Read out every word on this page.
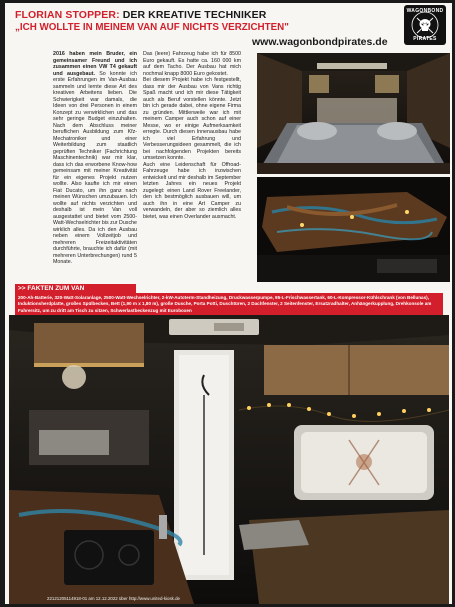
FLORIAN STOPPER: DER KREATIVE TECHNIKER
„ICH WOLLTE IN MEINEM VAN AUF NICHTS VERZICHTEN"
WAGONBOND
PIRATES
www.wagonbondpirates.de

2016 haben mein Bruder, ein gemeinsamer Freund und ich zusammen einen VW T4 gekauft und ausgebaut. So konnte ich erste Erfahrungen im Van-Ausbau sammeln und lernte diese Art des kreativen Arbeitens lieben. Die Schwierigkeit war damals, die Ideen von drei Personen in einem Konzept zu verwirklichen und das sehr geringe Budget einzuhalten. Nach dem Abschluss meiner beruflichen Ausbildung zum Kfz-Mechatroniker und einer Weiterbildung zum staatlich geprüften Techniker (Fachrichtung Maschinentechnik) war mir klar, dass ich das erworbene Know-how gemeinsam mit meiner Kreativität für ein eigenes Projekt nutzen wollte. Also kaufte ich mir einen Fiat Ducato, um ihn ganz nach meinen Wünschen umzubauen. Ich wollte auf nichts verzichten und deshalb ist mein Van voll ausgestattet und bietet vom 2500-Watt-Wechselrichter bis zur Dusche wirklich alles. Da ich den Ausbau neben einem Vollzeitjob und mehreren Freizeitaktivitäten durchführte, brauchte ich dafür (mit mehreren Unterbrechungen) rund 5 Monate.

Das (leere) Fahrzeug habe ich für 8500 Euro gekauft. Es hatte ca. 160 000 km auf dem Tacho. Der Ausbau hat mich nochmal knapp 8000 Euro gekostet.

Bei diesem Projekt habe ich festgestellt, dass mir der Ausbau von Vans richtig Spaß macht und ich mir diese Tätigkeit auch als Beruf vorstellen könnte. Jetzt bin ich gerade dabei, ohne eigene Firma zu gründen. Mittlerweile war ich mit meinem Camper auch schon auf einer Messe, wo er einige Aufmerksamkeit erregte. Durch diesen Innenausbau habe ich viel Erfahrung und Verbesserungsideen gesammelt, die ich bei nachfolgenden Projekten bereits umsetzen konnte.

Auch eine Leidenschaft für Offroad-Fahrzeuge habe ich inzwischen entwickelt und mir deshalb im September letzten Jahres ein neues Projekt zugelegt: einen Land Rover Freelander, den ich bestmöglich ausbauen will, um auch ihn in eine Art Camper zu verwandeln, der aber so ziemlich alles bietet, was einen Overlander ausmacht.

>> FAKTEN ZUM VAN
200-Ah-Batterie, 320-Watt-Solaranlage, 2500-Watt-Wechselrichter, 2-kW-Autoterm-Standheizung, Druckwasserpumpe, 95-L-Frischwassertank, 60-L-Kompressor-Kühlschrank (von Bellunas), Induktionsherdplatte, großes Spülbecken, Bett (1,90 m x 1,80 m), große Dusche, Porta Potti, Duschtüren, 2 Dachfenster, 2 Seitenfenster, Ersatzradhalter, Anhängerkupplung, Drehkonsole am Fahrersitz, um zu dritt am Tisch zu sitzen, Schwerlastbeckenzug mit Euroboxen
22121205114918-01 am 12.12.2022 über http://www.united-kiosk.de
